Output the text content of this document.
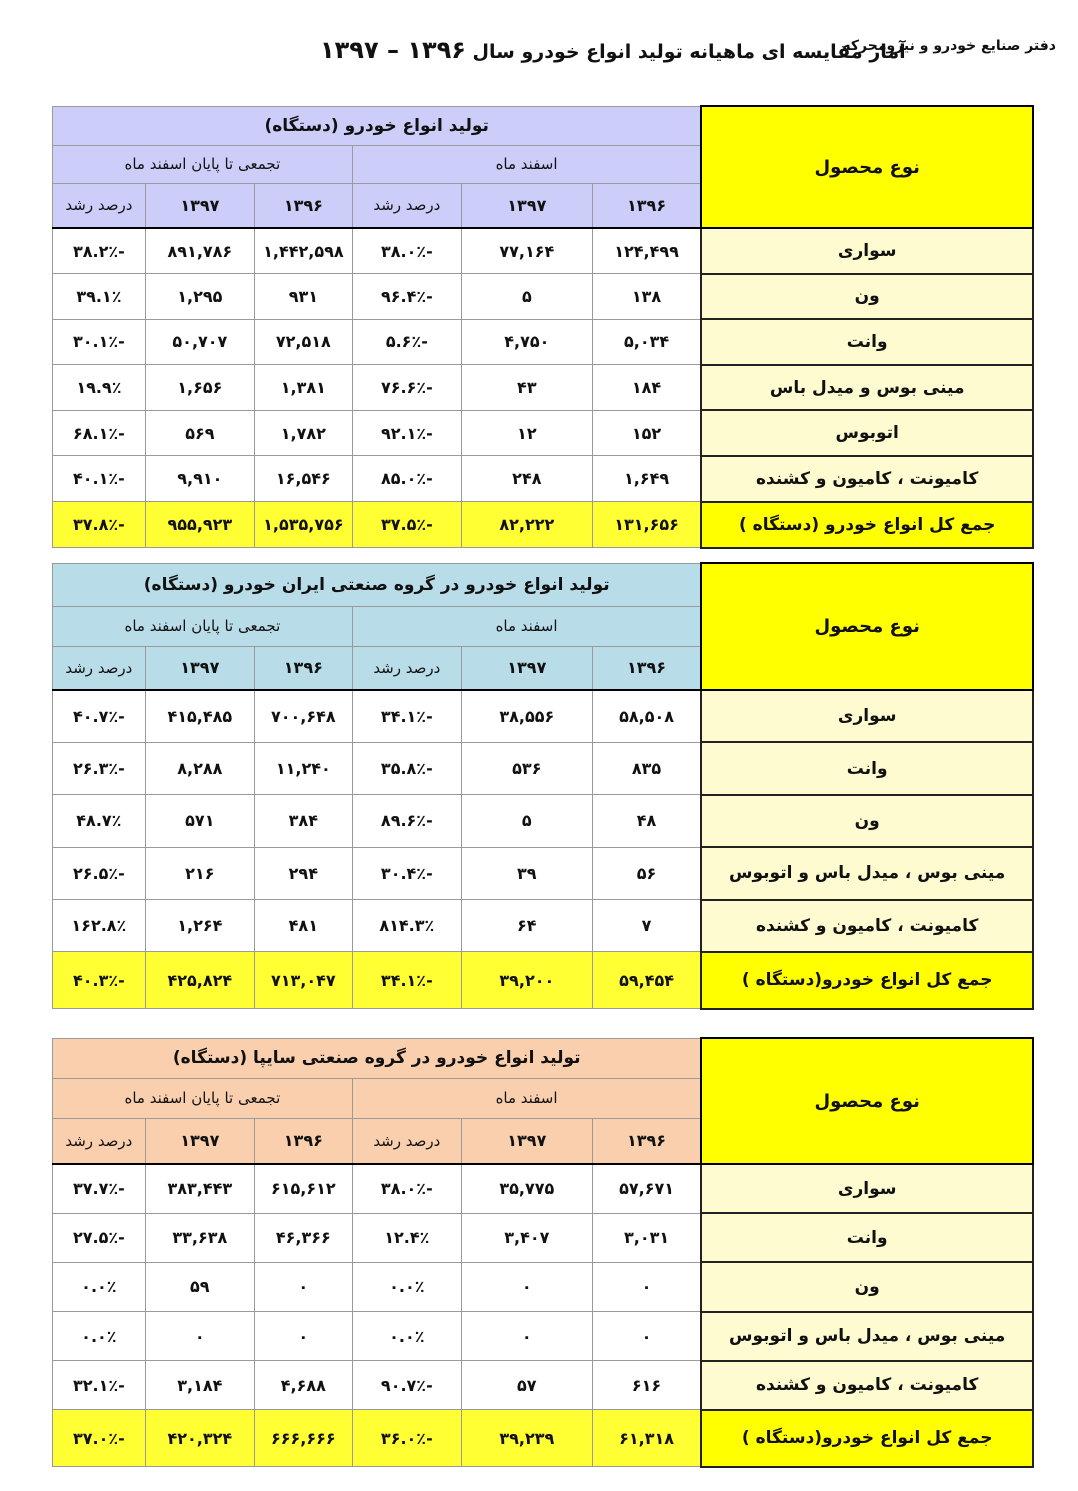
دفتر صنایع خودرو و نیرومحرکه
آمار مقایسه ای ماهیانه تولید انواع خودرو سال ۱۳۹۶ – ۱۳۹۷
نوع محصول	تولید انواع خودرو (دستگاه)					
	اسفند ماه			تجمعی تا پایان اسفند ماه		
	۱۳۹۶	۱۳۹۷	درصد رشد	۱۳۹۶	۱۳۹۷	درصد رشد
سواری	۱۲۴,۴۹۹	۷۷,۱۶۴	-۳۸.۰٪	۱,۴۴۲,۵۹۸	۸۹۱,۷۸۶	-۳۸.۲٪
ون	۱۳۸	۵	-۹۶.۴٪	۹۳۱	۱,۲۹۵	۳۹.۱٪
وانت	۵,۰۳۴	۴,۷۵۰	-۵.۶٪	۷۲,۵۱۸	۵۰,۷۰۷	-۳۰.۱٪
مینی بوس و میدل باس	۱۸۴	۴۳	-۷۶.۶٪	۱,۳۸۱	۱,۶۵۶	۱۹.۹٪
اتوبوس	۱۵۲	۱۲	-۹۲.۱٪	۱,۷۸۲	۵۶۹	-۶۸.۱٪
کامیونت ، کامیون و کشنده	۱,۶۴۹	۲۴۸	-۸۵.۰٪	۱۶,۵۴۶	۹,۹۱۰	-۴۰.۱٪
جمع کل انواع خودرو (دستگاه )	۱۳۱,۶۵۶	۸۲,۲۲۲	-۳۷.۵٪	۱,۵۳۵,۷۵۶	۹۵۵,۹۲۳	-۳۷.۸٪
نوع محصول	تولید انواع خودرو در گروه صنعتی ایران خودرو (دستگاه)					
	اسفند ماه			تجمعی تا پایان اسفند ماه		
	۱۳۹۶	۱۳۹۷	درصد رشد	۱۳۹۶	۱۳۹۷	درصد رشد
سواری	۵۸,۵۰۸	۳۸,۵۵۶	-۳۴.۱٪	۷۰۰,۶۴۸	۴۱۵,۴۸۵	-۴۰.۷٪
وانت	۸۳۵	۵۳۶	-۳۵.۸٪	۱۱,۲۴۰	۸,۲۸۸	-۲۶.۳٪
ون	۴۸	۵	-۸۹.۶٪	۳۸۴	۵۷۱	۴۸.۷٪
مینی بوس ، میدل باس و اتوبوس	۵۶	۳۹	-۳۰.۴٪	۲۹۴	۲۱۶	-۲۶.۵٪
کامیونت ، کامیون و کشنده	۷	۶۴	۸۱۴.۳٪	۴۸۱	۱,۲۶۴	۱۶۲.۸٪
جمع کل انواع خودرو(دستگاه )	۵۹,۴۵۴	۳۹,۲۰۰	-۳۴.۱٪	۷۱۳,۰۴۷	۴۲۵,۸۲۴	-۴۰.۳٪
نوع محصول	تولید انواع خودرو در گروه صنعتی سایپا (دستگاه)					
	اسفند ماه			تجمعی تا پایان اسفند ماه		
	۱۳۹۶	۱۳۹۷	درصد رشد	۱۳۹۶	۱۳۹۷	درصد رشد
سواری	۵۷,۶۷۱	۳۵,۷۷۵	-۳۸.۰٪	۶۱۵,۶۱۲	۳۸۳,۴۴۳	-۳۷.۷٪
وانت	۳,۰۳۱	۳,۴۰۷	۱۲.۴٪	۴۶,۳۶۶	۳۳,۶۳۸	-۲۷.۵٪
ون	۰	۰	۰.۰٪	۰	۵۹	۰.۰٪
مینی بوس ، میدل باس و اتوبوس	۰	۰	۰.۰٪	۰	۰	۰.۰٪
کامیونت ، کامیون و کشنده	۶۱۶	۵۷	-۹۰.۷٪	۴,۶۸۸	۳,۱۸۴	-۳۲.۱٪
جمع کل انواع خودرو(دستگاه )	۶۱,۳۱۸	۳۹,۲۳۹	-۳۶.۰٪	۶۶۶,۶۶۶	۴۲۰,۳۲۴	-۳۷.۰٪
